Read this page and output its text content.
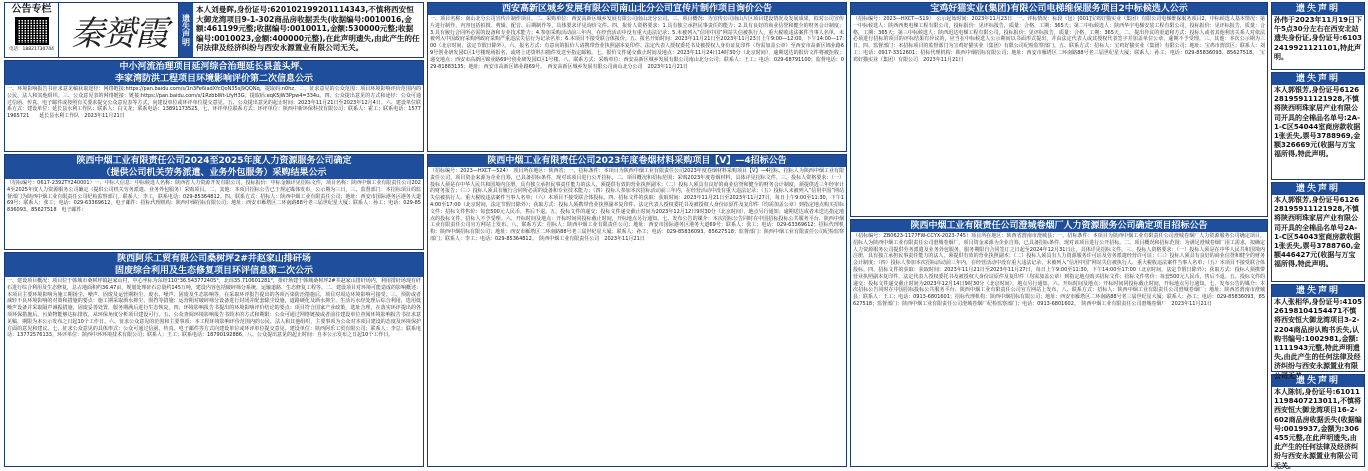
公告专栏
电话：18821730744 秦赟霞	遗失声明
本人刘曼晖,身份证号:620102199201114343,不慎将西安恒大御龙湾项目9-1-302商品房收据丢失(收据编号:0010016,金额:461199元整;收据编号:0010011,金额:530000元整;收据编号:0010023,金额:400000元整),在此声明遗失,由此产生的任何法律及经济纠纷与西安永源置业有限公司无关。
中小河流治理项目延河综合治理延长县盖头坪、
李家湾防洪工程项目环境影响评价第二次信息公示
一、环境影响报告书征求意见稿获取途径：网络链接:https://pan.baidu.com/s/1n3Fe6iadXfcQoN35sJ9QQNq，提取码:n0hz。二、征求意见的公众范围：项目环境影响评价范围内的公民、法人和其他组织。三、公众意见表的网络链接：链接:https://pan.baidu.com/s/1RzbbWt-LfyH3G，提取码:eqK5jW3Ppw4=334u。四、公众提出意见的方式和途径：公众可通过信函、传真、电子邮件或按照有关要求提交公众意见表等方式，向建设单位或环评单位提交意见。五、公众提出意见的起止时间：2023年11月21日至2023年12月4日。六、建设单位联系方式：建设单位：延长县水利工作队；联系人：白文龙；联系电话：13891173525。七、环评单位联系方式：环评单位：陕西中新环保科技有限公司；联系人：霍工；联系电话：15771965721　　延长县水利工作队　2023年11月21日
陕西中烟工业有限责任公司2024至2025年度人力资源服务公司确定
（提供公司机关劳务派遣、业务外包服务）采购结果公示
（招标编号：0617-2392TY240001）一、中标人信息：中标候选人名称：陕西省人力资源开发有限公司，投标报价：中标金额详见招标文件，项目名称：陕西中烟工业有限责任公司2024至2025年度人力资源服务公司确定（提供公司机关劳务派遣、业务外包服务）采购项目。二、其他：本项目招标公告已于规定媒体发布，公示期为三日。三、监督部门：本招标项目的监督部门为陕西中烟工业有限责任公司纪检监察部门。联系人：李工，联系电话：029-85364812。四、联系方式：招标人：陕西中烟工业有限责任公司；地址：西安市国际港务区港务大道69号；联系人：张工；电话：029-63369612。电子邮件：招标代理机构：陕西中烟招标有限公司；地址：西安市雁塔区二环南路88号老三届世纪星大厦；联系人：孙工；电话：029-85836093、85627518　电子邮件：　　
陕西阿乐工贸有限公司桑树坪2#井赵家山排矸场
固废综合利用及生态修复项目环评信息第二次公示
一、建设项目概况：项目位于韩城市桑树坪镇赵家山村，中心坐标为东经110°36.543772405°，北纬35.710601281°，排矸场建于韩城桑树坪2#井赵家山排矸场内，利用排矸场现有矸石进行综合利用及生态修复，总占地面积约36.47亩，规划处理矸石总量约145万吨，建设内容包括破碎筛分系统、运输道路、生态修复工程等。二、建设项目对环境可能造成的影响概述：本项目主要环境影响为施工期扬尘、噪声、固废及运营期粉尘、废水、噪声、固废及生态影响等，在采取环评报告提出的各项污染防治措施后，项目对周边环境影响可接受。三、预防或者减轻不良环境影响的对策和措施的要点：施工期采取洒水抑尘、围挡等措施；运营期对破碎筛分设备进行封闭并配套除尘设施，道路硬化及洒水抑尘，生活污水经处理后综合利用，选用低噪声设备并采取隔声减振措施，固废妥善处置，服务期满后进行生态恢复。四、环境影响报告书提出的环境影响评价结论的要点：项目符合国家产业政策，选址合理，在落实环评提出的各项环保措施后，污染物能够达标排放，从环保角度分析项目建设可行。五、公众查阅环境影响报告书简本的方式和期限：公众可通过网络链接或者前往建设单位查阅环境影响报告书征求意见稿，期限为本公示发布之日起10个工作日。六、征求公众意见的范围和主要事项：本工程环境影响评价范围内的公民、法人和其他组织，主要事项为公众对本项目建设的态度及环境保护方面的意见和建议。七、征求公众意见的具体形式：公众可通过信函、传真、电子邮件等方式向建设单位或环评单位提交意见。建设单位：陕西阿乐工贸有限公司；联系人：李总；联系电话：13772576133。环评单位：陕西中环环境技术有限公司；联系人：王工；联系电话：18790192886。八、公众提出意见的起止时间：自本公示发布之日起10个工作日。
西安高新区城乡发展有限公司南山北分公司宣传片制作项目询价公告
一、项目名称：南山北分公司宣传片制作项目。二、采购单位：西安高新区城乡发展有限公司南山北分公司。三、项目概况：为宣传公司南山片区项目建设情况及发展成果，拟对公司宣传片进行制作，内容包括拍摄、剪辑、配音、后期制作等，具体要求详见询价文件。四、报价人资格要求：1.具有独立承担民事责任的能力；2.具有良好的商业信誉和健全的财务会计制度；3.具有履行合同所必需的设备和专业技术能力；4.参加采购活动前三年内，在经营活动中没有重大违法记录；5.未被列入“信用中国”网站失信被执行人、重大税收违法案件当事人名单，未被列入中国政府采购网政府采购严重违法失信行为记录名单；6.本项目不接受联合体报价。五、报名开始时间：2023年11月21日至2023年11月23日上午9:00—12:00，下午14:00—17:00（北京时间，法定节假日除外）。六、报名方式：有意向的报价人请携带营业执照副本复印件、法定代表人授权委托书及被授权人身份证复印件（均需加盖公章）至西安市高新区锦业路69号创业研发园C区1号楼现场报名，或将上述资料扫描件发送至指定邮箱。七、报价文件递交截止时间及地点：2023年11月24日14时30分（北京时间），逾期送达的报价文件将被拒收；递交地点：西安市高新区锦业路69号创业研发园C区1号楼。八、联系方式：采购单位：西安高新区城乡发展有限公司南山北分公司；联系人：王工；电话：029-68791100；监督电话：029-81883135；地址：西安市高新区锦业路69号。　西安高新区城乡发展有限公司南山北分公司　2023年11月21日
陕西中烟工业有限责任公司2023年度卷烟材料采购项目【Ⅴ】—4招标公告
（招标编号：2023—HXCT—524）　项目所在地区：陕西省；一、招标条件：本项目为陕西中烟工业有限责任公司2023年度卷烟材料采购项目【Ⅴ】—4招标，招标人为陕西中烟工业有限责任公司，项目资金来源为企业自筹，已具备招标条件，现对该项目进行公开招标。二、项目概况和招标范围：采购2023年度卷烟材料，具体详见招标文件。三、投标人资格要求：（一）投标人须是在中华人民共和国境内注册，具有独立承担民事责任能力的法人，须提供有效的营业执照副本；（二）投标人须具有良好的商业信誉和健全的财务会计制度，须提供近三年经审计的财务报告；（三）投标人须具有履行合同所必需的设备和专业技术能力；（四）投标人参加本次招标活动前三年内，在经营活动中没有重大违法记录；（五）投标人未被列入“信用中国”网站失信被执行人、重大税收违法案件当事人名单；（六）本项目不接受联合体投标。四、招标文件的获取：获取时间：2023年11月21日至2023年11月27日，每日上午9:00至11:30，下午14:00至17:00（北京时间，法定节假日除外）；获取方式：投标人须携带营业执照副本复印件、法定代表人授权委托书及被授权人身份证原件及复印件（均需加盖公章）到指定地点购买招标文件；招标文件售价：每套500元人民币，售后不退。五、投标文件的递交：投标文件递交截止时间为2023年12月12日9时30分（北京时间），地点另行通知；逾期送达或者未送达指定地点的投标文件，招标人不予受理。六、开标时间及地点：开标时间同投标截止时间，开标地点另行通知。七、发布公告的媒介：本次招标公告同时在中国招标投标公共服务平台、陕西中烟工业有限责任公司官方网站上发布。八、联系方式：招标人：陕西中烟工业有限责任公司；地址：西安市国际港务区港务大道69号；联系人：张工；电话：029-63369612；招标代理机构：陕西中烟招标有限公司；地址：西安市雁塔区二环南路88号老三届世纪星大厦；联系人：孙工；电话：029-85836093、85627518；监督部门：陕西中烟工业有限责任公司纪检监察部门；联系人：李工；电话：029-85364812。　陕西中烟工业有限责任公司　2023年11月21日
宝鸡好猫实业(集团)有限公司电梯维保服务项目2中标候选人公示
（招标编号：2023—HXCT—519）　公示起始时间：2023年11月23日　一、评标情况：标段（包）[001]宝鸡好猫实业（集团）有限公司电梯维保服务项目2，中标候选人基本情况：第一中标候选人：陕西西奥电梯工程有限公司，投标报价：见评标报告，质量：合格，工期：365天；第二中标候选人：陕西华宇电梯安装工程有限公司，投标报价：见评标报告，质量：合格，工期：365天；第三中标候选人：陕西迅达电梯工程有限公司，投标报价：见评标报告，质量：合格，工期：365天。二、提出异议的渠道和方式：投标人或者其他利害关系人对依法必须进行招标的项目的评标结果有异议的，应当在中标候选人公示期间以书面形式提出，并由法定代表人或其授权代表签字并加盖单位公章，逾期不予受理。三、其他：本次公示期为三日。四、监督部门：本招标项目的监督部门为宝鸡好猫实业（集团）有限公司纪检监察部门。五、联系方式：招标人：宝鸡好猫实业（集团）有限公司；地址：宝鸡市渭滨区；联系人：刘工；电话：0917-3312601；招标代理机构：陕西中烟招标有限公司；地址：西安市雁塔区二环南路88号老三届世纪星大厦；联系人：孙工；电话：029-85836093、85627518。　宝鸡好猫实业（集团）有限公司　2023年11月21日
陕西中烟工业有限责任公司澄城卷烟厂人力资源服务公司确定项目招标公告
（招标编号：ZB0623-1177FW-CCYX-2023-745）项目所在地区：陕西省渭南市澄城县；一、招标条件：本项目为陕西中烟工业有限责任公司澄城卷烟厂人力资源服务公司确定项目，招标人为陕西中烟工业有限责任公司澄城卷烟厂，项目资金来源为企业自筹，已具备招标条件，现对该项目进行公开招标。二、项目概况和招标范围：为满足澄城卷烟厂用工需求，拟确定人力资源服务公司提供劳务派遣及业务外包服务，服务期限自合同签订之日起至2024年12月31日止，具体详见招标文件。三、投标人资格要求：（一）投标人须是在中华人民共和国境内注册，具有独立承担民事责任能力的法人，须提供有效的营业执照副本；（二）投标人须具有人力资源服务许可证及劳务派遣经营许可证；（三）投标人须具有良好的商业信誉和健全的财务会计制度；（四）投标人参加本次招标活动前三年内，在经营活动中没有重大违法记录，未被列入“信用中国”网站失信被执行人、重大税收违法案件当事人名单；（五）本项目不接受联合体投标。四、招标文件的获取：获取时间：2023年11月21日至2023年11月27日，每日上午9:00至11:30，下午14:00至17:00（北京时间，法定节假日除外）；获取方式：投标人须携带营业执照副本复印件、法定代表人授权委托书及被授权人身份证原件及复印件（均需加盖公章）到指定地点购买招标文件；招标文件售价：每套500元人民币，售后不退。五、投标文件的递交：投标文件递交截止时间为2023年12月14日9时30分（北京时间），地点另行通知。六、开标时间及地点：开标时间同投标截止时间，开标地点另行通知。七、发布公告的媒介：本次招标公告同时在中国招标投标公共服务平台、陕西中烟工业有限责任公司官方网站上发布。八、联系方式：招标人：陕西中烟工业有限责任公司澄城卷烟厂；地址：陕西省渭南市澄城县；联系人：王工；电话：0913-6801601；招标代理机构：陕西中烟招标有限公司；地址：西安市雁塔区二环南路88号老三届世纪星大厦；联系人：孙工；电话：029-85836093、85627518；监督部门：陕西中烟工业有限责任公司澄城卷烟厂纪检监察部门；电话：0913-6801602。　陕西中烟工业有限责任公司澄城卷烟厂　2023年11月21日
遗失声明
孙伟于2023年11月19日下午5点30分左右在西安北站遗失身份证,身份证号:61032419921121101,特此声明。
遗失声明
本人郭银芳,身份证号6126281959111219​28,不慎将陕西明珠家居产业有限公司开具的全棉品名单号:2A-1-C区54044室商房款收据1张丢失,票号3788969,金额326669元(收据与万宝福所得,特此声明。
遗失声明
本人郭银芳,身份证号6126281959111219​28,不慎将陕西明珠家居产业有限公司开具的全棉品名单号2A-1-C区54043室商房款收据1张丢失,票号3788760,金额446427元(收据与万宝福所得,特此声明。
遗失声明
本人张相华,身份证号:41052619810415447​1不慎将西安恒大御龙湾项目3-2-2204商品房认购书丢失,认购书编号:1002981,金额:1111943元整,特此声明遗失,由此产生的任何法律及经济纠纷与西安永源置业有限公司无关。
遗失声明
本人陈钊,身份证号:61011119840721301​1,不慎将西安恒大御龙湾项目16-2-602商品房收据丢失(收据编号:0019937,金额为:306455元整,在此声明遗失,由此产生的任何法律及经济纠纷与西安永源置业有限公司无关。
